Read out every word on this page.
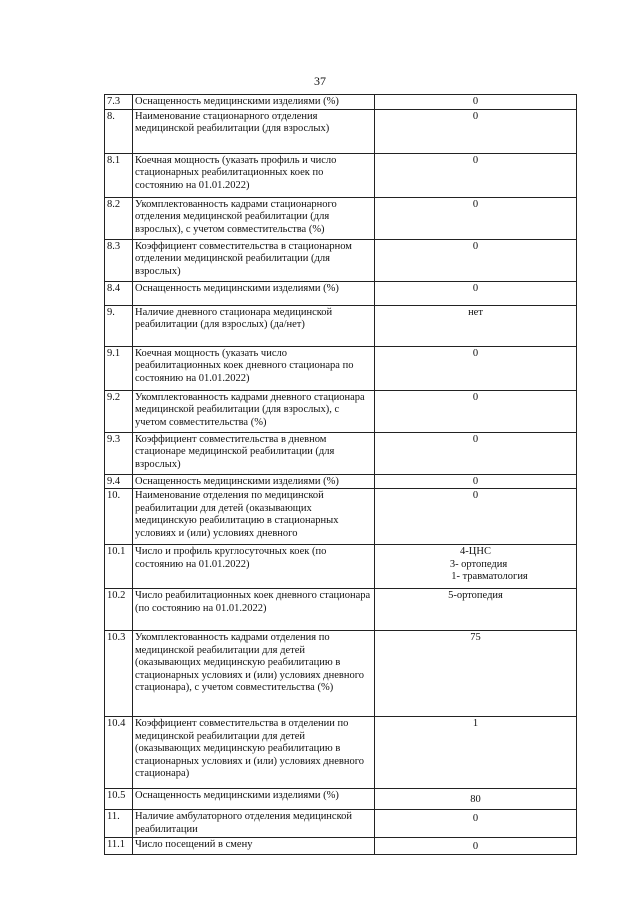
37
7.3	Оснащенность медицинскими изделиями (%)	0

8.	Наименование стационарного отделения медицинской реабилитации (для взрослых)	0

8.1	Коечная мощность (указать профиль и число стационарных реабилитационных коек по состоянию на 01.01.2022)	0

8.2	Укомплектованность кадрами стационарного отделения медицинской реабилитации (для взрослых), с учетом совместительства (%)	0

8.3	Коэффициент совместительства в стационарном отделении медицинской реабилитации (для взрослых)	0

8.4	Оснащенность медицинскими изделиями (%)	0

9.	Наличие дневного стационара медицинской реабилитации (для взрослых) (да/нет)	нет

9.1	Коечная мощность (указать число реабилитационных коек дневного стационара по состоянию на 01.01.2022)	0

9.2	Укомплектованность кадрами дневного стационара медицинской реабилитации (для взрослых), с учетом совместительства (%)	0

9.3	Коэффициент совместительства в дневном стационаре медицинской реабилитации (для взрослых)	0

9.4	Оснащенность медицинскими изделиями (%)	0

10.	Наименование отделения по медицинской реабилитации для детей (оказывающих медицинскую реабилитацию в стационарных условиях и (или) условиях дневного	0

10.1	Число и профиль круглосуточных коек (по состоянию на 01.01.2022)	4-ЦНС
3- ортопедия
1- травматология

10.2	Число реабилитационных коек дневного стационара (по состоянию на 01.01.2022)	5-ортопедия

10.3	Укомплектованность кадрами отделения по медицинской реабилитации для детей (оказывающих медицинскую реабилитацию в стационарных условиях и (или) условиях дневного стационара), с учетом совместительства (%)	75

10.4	Коэффициент совместительства в отделении по медицинской реабилитации для детей (оказывающих медицинскую реабилитацию в стационарных условиях и (или) условиях дневного стационара)	1

10.5	Оснащенность медицинскими изделиями (%)	80

11.	Наличие амбулаторного отделения медицинской реабилитации	0

11.1	Число посещений в смену	0
